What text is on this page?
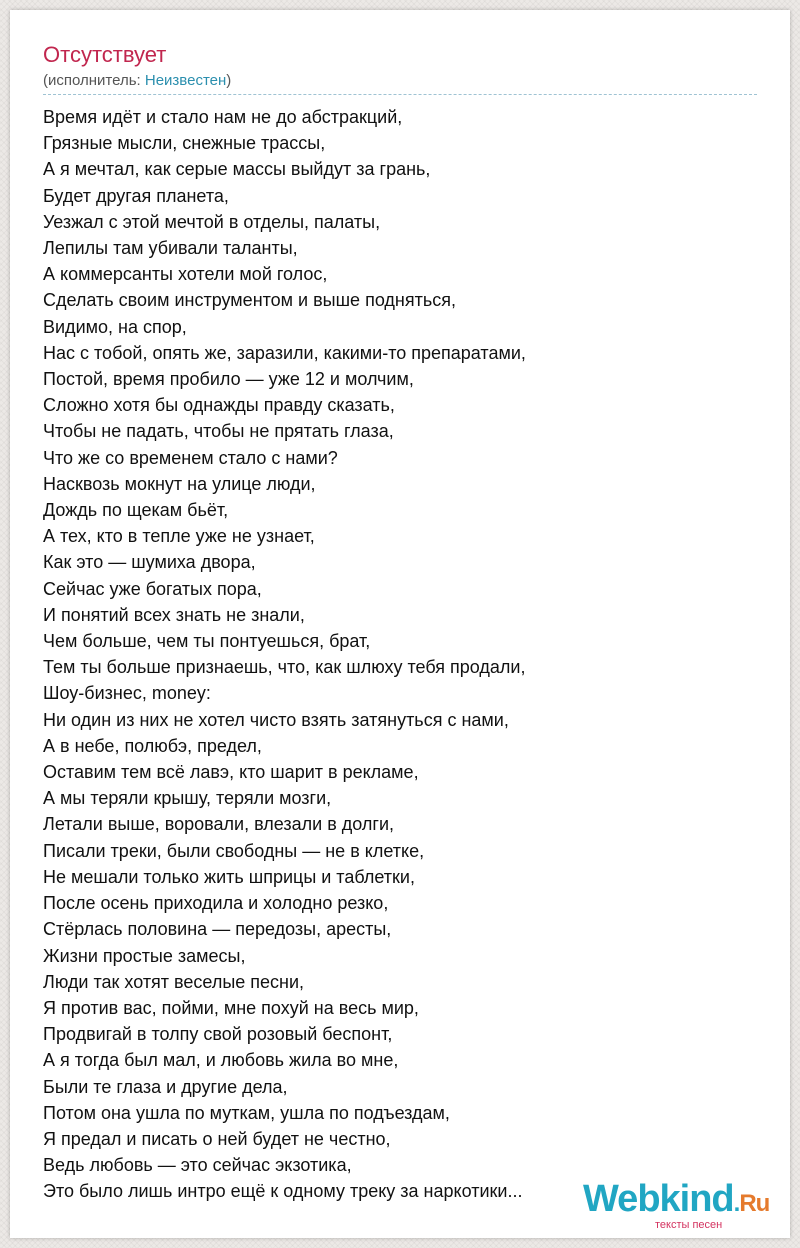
Отсутствует
(исполнитель: Неизвестен)
Время идёт и стало нам не до абстракций,
Грязные мысли, снежные трассы,
А я мечтал, как серые массы выйдут за грань,
Будет другая планета,
Уезжал с этой мечтой в отделы, палаты,
Лепилы там убивали таланты,
А коммерсанты хотели мой голос,
Сделать своим инструментом и выше подняться,
Видимо, на спор,
Нас с тобой, опять же, заразили, какими-то препаратами,
Постой, время пробило — уже 12 и молчим,
Сложно хотя бы однажды правду сказать,
Чтобы не падать, чтобы не прятать глаза,
Что же со временем стало с нами?
Насквозь мокнут на улице люди,
Дождь по щекам бьёт,
А тех, кто в тепле уже не узнает,
Как это — шумиха двора,
Сейчас уже богатых пора,
И понятий всех знать не знали,
Чем больше, чем ты понтуешься, брат,
Тем ты больше признаешь, что, как шлюху тебя продали,
Шоу-бизнес, money:
Ни один из них не хотел чисто взять затянуться с нами,
А в небе, полюбэ, предел,
Оставим тем всё лавэ, кто шарит в рекламе,
А мы теряли крышу, теряли мозги,
Летали выше, воровали, влезали в долги,
Писали треки, были свободны — не в клетке,
Не мешали только жить шприцы и таблетки,
После осень приходила и холодно резко,
Стёрлась половина — передозы, аресты,
Жизни простые замесы,
Люди так хотят веселые песни,
Я против вас, пойми, мне похуй на весь мир,
Продвигай в толпу свой розовый беспонт,
А я тогда был мал, и любовь жила во мне,
Были те глаза и другие дела,
Потом она ушла по муткам, ушла по подъездам,
Я предал и писать о ней будет не честно,
Ведь любовь — это сейчас экзотика,
Это было лишь интро ещё к одному треку за наркотики...	Webkind.Ru
тексты песен
